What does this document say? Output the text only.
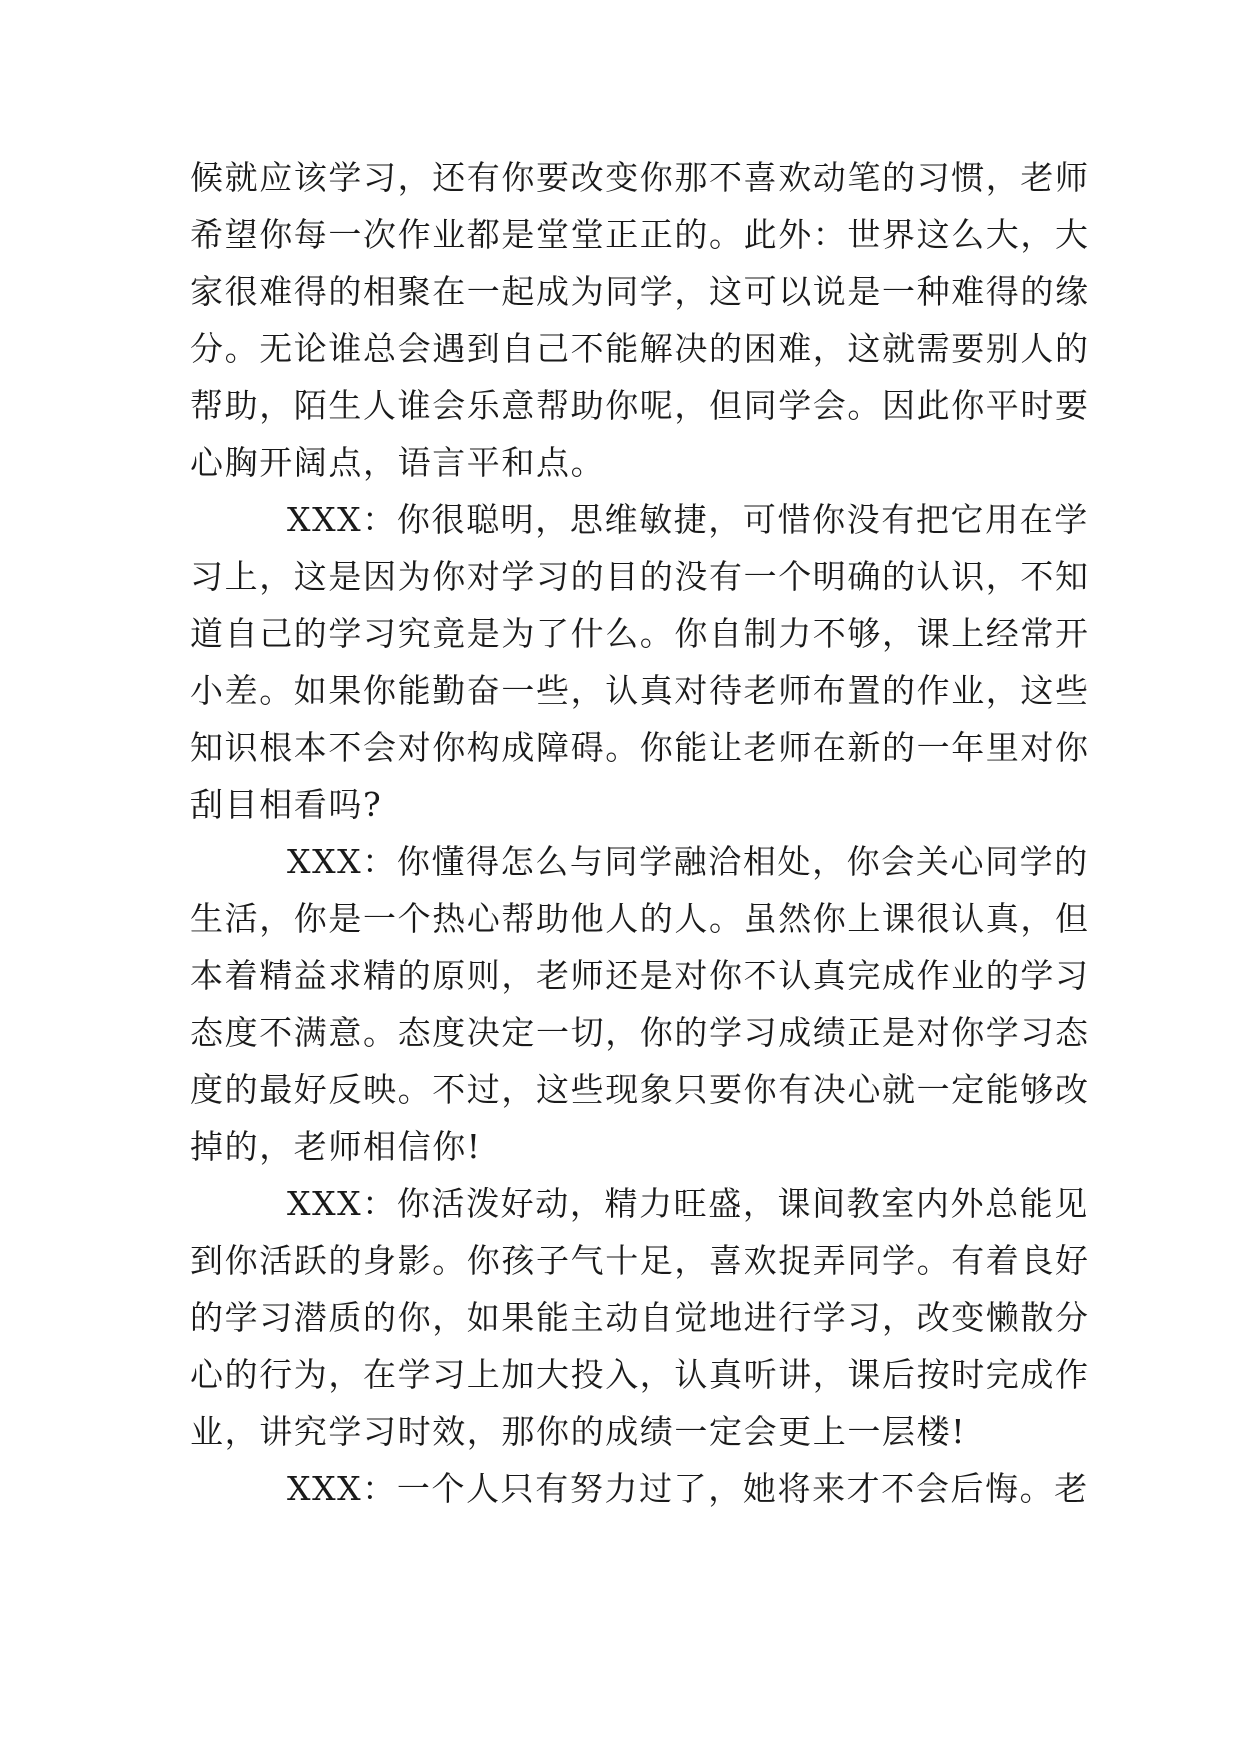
候就应该学习，还有你要改变你那不喜欢动笔的习惯，老师
希望你每一次作业都是堂堂正正的。此外：世界这么大，大
家很难得的相聚在一起成为同学，这可以说是一种难得的缘
分。无论谁总会遇到自己不能解决的困难，这就需要别人的
帮助，陌生人谁会乐意帮助你呢，但同学会。因此你平时要
心胸开阔点，语言平和点。
XXX：你很聪明，思维敏捷，可惜你没有把它用在学
习上，这是因为你对学习的目的没有一个明确的认识，不知
道自己的学习究竟是为了什么。你自制力不够，课上经常开
小差。如果你能勤奋一些，认真对待老师布置的作业，这些
知识根本不会对你构成障碍。你能让老师在新的一年里对你
刮目相看吗?
XXX：你懂得怎么与同学融洽相处，你会关心同学的
生活，你是一个热心帮助他人的人。虽然你上课很认真，但
本着精益求精的原则，老师还是对你不认真完成作业的学习
态度不满意。态度决定一切，你的学习成绩正是对你学习态
度的最好反映。不过，这些现象只要你有决心就一定能够改
掉的，老师相信你!
XXX：你活泼好动，精力旺盛，课间教室内外总能见
到你活跃的身影。你孩子气十足，喜欢捉弄同学。有着良好
的学习潜质的你，如果能主动自觉地进行学习，改变懒散分
心的行为，在学习上加大投入，认真听讲，课后按时完成作
业，讲究学习时效，那你的成绩一定会更上一层楼!
XXX：一个人只有努力过了，她将来才不会后悔。老
